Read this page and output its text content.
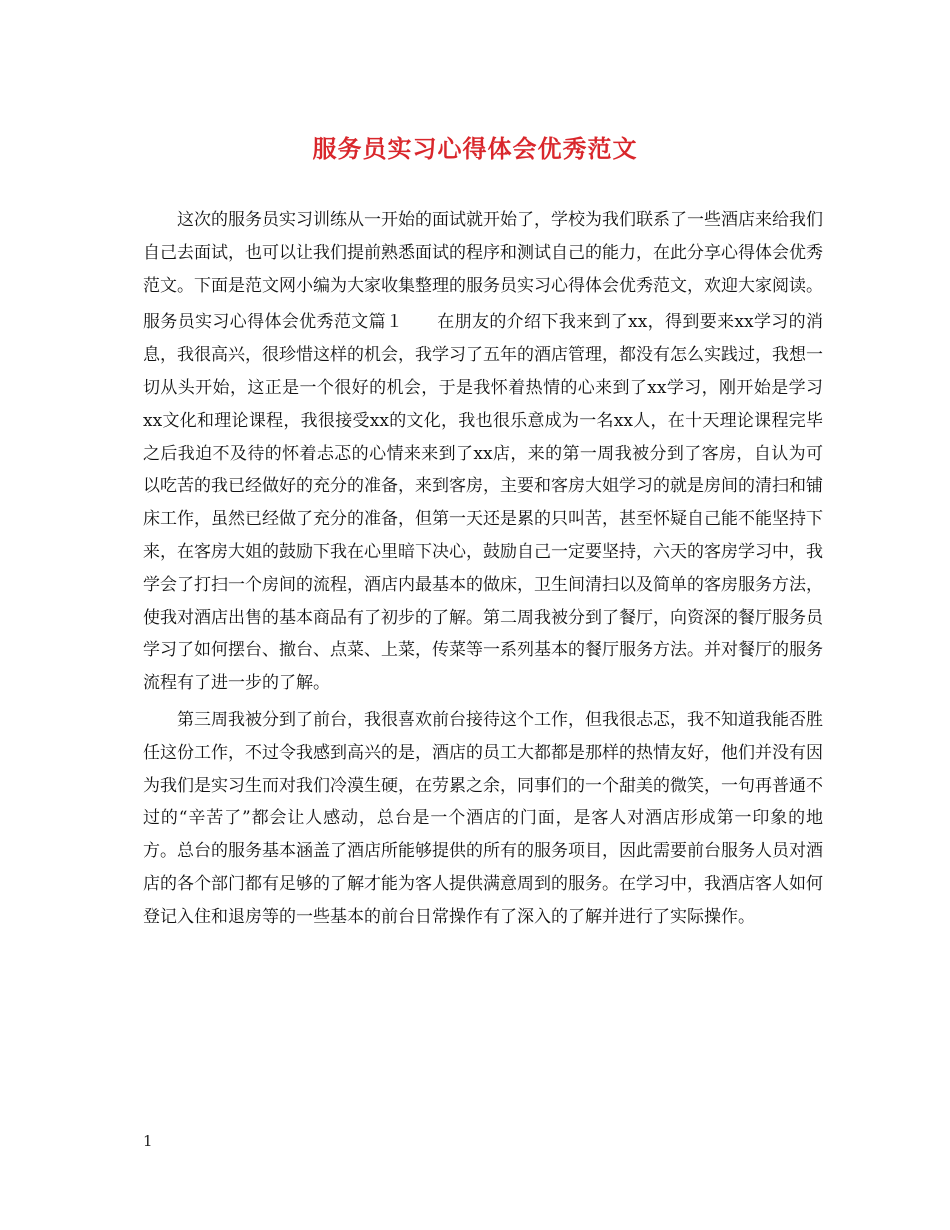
服务员实习心得体会优秀范文

这次的服务员实习训练从一开始的面试就开始了，学校为我们联系了一些酒店来给我们自己去面试，也可以让我们提前熟悉面试的程序和测试自己的能力，在此分享心得体会优秀范文。下面是范文网小编为大家收集整理的服务员实习心得体会优秀范文，欢迎大家阅读。

服务员实习心得体会优秀范文篇１ 在朋友的介绍下我来到了xx，得到要来xx学习的消息，我很高兴，很珍惜这样的机会，我学习了五年的酒店管理，都没有怎么实践过，我想一切从头开始，这正是一个很好的机会，于是我怀着热情的心来到了xx学习，刚开始是学习xx文化和理论课程，我很接受xx的文化，我也很乐意成为一名xx人，在十天理论课程完毕之后我迫不及待的怀着忐忑的心情来来到了xx店，来的第一周我被分到了客房，自认为可以吃苦的我已经做好的充分的准备，来到客房，主要和客房大姐学习的就是房间的清扫和铺床工作，虽然已经做了充分的准备，但第一天还是累的只叫苦，甚至怀疑自己能不能坚持下来，在客房大姐的鼓励下我在心里暗下决心，鼓励自己一定要坚持，六天的客房学习中，我学会了打扫一个房间的流程，酒店内最基本的做床，卫生间清扫以及简单的客房服务方法，使我对酒店出售的基本商品有了初步的了解。第二周我被分到了餐厅，向资深的餐厅服务员学习了如何摆台、撤台、点菜、上菜，传菜等一系列基本的餐厅服务方法。并对餐厅的服务流程有了进一步的了解。

第三周我被分到了前台，我很喜欢前台接待这个工作，但我很忐忑，我不知道我能否胜任这份工作，不过令我感到高兴的是，酒店的员工大都都是那样的热情友好，他们并没有因为我们是实习生而对我们冷漠生硬，在劳累之余，同事们的一个甜美的微笑，一句再普通不过的“辛苦了”都会让人感动，总台是一个酒店的门面，是客人对酒店形成第一印象的地方。总台的服务基本涵盖了酒店所能够提供的所有的服务项目，因此需要前台服务人员对酒店的各个部门都有足够的了解才能为客人提供满意周到的服务。在学习中，我酒店客人如何登记入住和退房等的一些基本的前台日常操作有了深入的了解并进行了实际操作。

1
